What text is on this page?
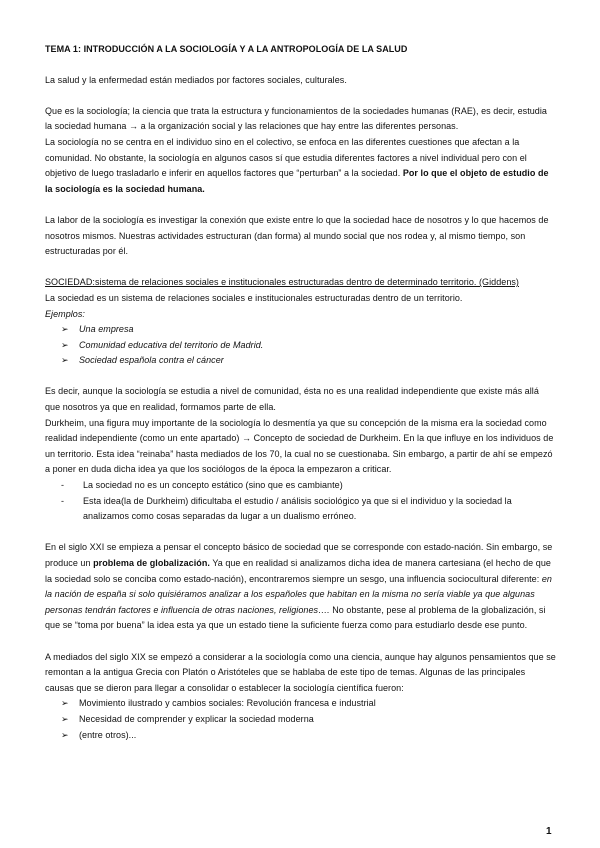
TEMA 1: INTRODUCCIÓN A LA SOCIOLOGÍA Y A LA ANTROPOLOGÍA DE LA SALUD

La salud y la enfermedad están mediados por factores sociales, culturales.

Que es la sociología; la ciencia que trata la estructura y funcionamientos de la sociedades humanas (RAE), es decir, estudia la sociedad humana → a la organización social y las relaciones que hay entre las diferentes personas.

La sociología no se centra en el individuo sino en el colectivo, se enfoca en las diferentes cuestiones que afectan a la comunidad. No obstante, la sociología en algunos casos sí que estudia diferentes factores a nivel individual pero con el objetivo de luego trasladarlo e inferir en aquellos factores que “perturban” a la sociedad. Por lo que el objeto de estudio de la sociología es la sociedad humana.

La labor de la sociología es investigar la conexión que existe entre lo que la sociedad hace de nosotros y lo que hacemos de nosotros mismos. Nuestras actividades estructuran (dan forma) al mundo social que nos rodea y, al mismo tiempo, son estructuradas por él.

SOCIEDAD:sistema de relaciones sociales e institucionales estructuradas dentro de determinado territorio. (Giddens)

La sociedad es un sistema de relaciones sociales e institucionales estructuradas dentro de un territorio.

Ejemplos:

➢ Una empresa
➢ Comunidad educativa del territorio de Madrid.
➢ Sociedad española contra el cáncer

Es decir, aunque la sociología se estudia a nivel de comunidad, ésta no es una realidad independiente que existe más allá que nosotros ya que en realidad, formamos parte de ella.

Durkheim, una figura muy importante de la sociología lo desmentía ya que su concepción de la misma era la sociedad como realidad independiente (como un ente apartado) → Concepto de sociedad de Durkheim. En la que influye en los individuos de un territorio. Esta idea “reinaba” hasta mediados de los 70, la cual no se cuestionaba. Sin embargo, a partir de ahí se empezó a poner en duda dicha idea ya que los sociólogos de la época la empezaron a criticar.

- La sociedad no es un concepto estático (sino que es cambiante)
- Esta idea(la de Durkheim) dificultaba el estudio / análisis sociológico ya que si el individuo y la sociedad la analizamos como cosas separadas da lugar a un dualismo erróneo.

En el siglo XXI se empieza a pensar el concepto básico de sociedad que se corresponde con estado-nación. Sin embargo, se produce un problema de globalización. Ya que en realidad si analizamos dicha idea de manera cartesiana (el hecho de que la sociedad solo se conciba como estado-nación), encontraremos siempre un sesgo, una influencia sociocultural diferente: en la nación de españa si solo quisiéramos analizar a los españoles que habitan en la misma no sería viable ya que algunas personas tendrán factores e influencia de otras naciones, religiones…. No obstante, pese al problema de la globalización, si que se “toma por buena” la idea esta ya que un estado tiene la suficiente fuerza como para estudiarlo desde ese punto.

A mediados del siglo XIX se empezó a considerar a la sociología como una ciencia, aunque hay algunos pensamientos que se remontan a la antigua Grecia con Platón o Aristóteles que se hablaba de este tipo de temas. Algunas de las principales causas que se dieron para llegar a consolidar o establecer la sociología científica fueron:

➢ Movimiento ilustrado y cambios sociales: Revolución francesa e industrial
➢ Necesidad de comprender y explicar la sociedad moderna
➢ (entre otros)...
1
